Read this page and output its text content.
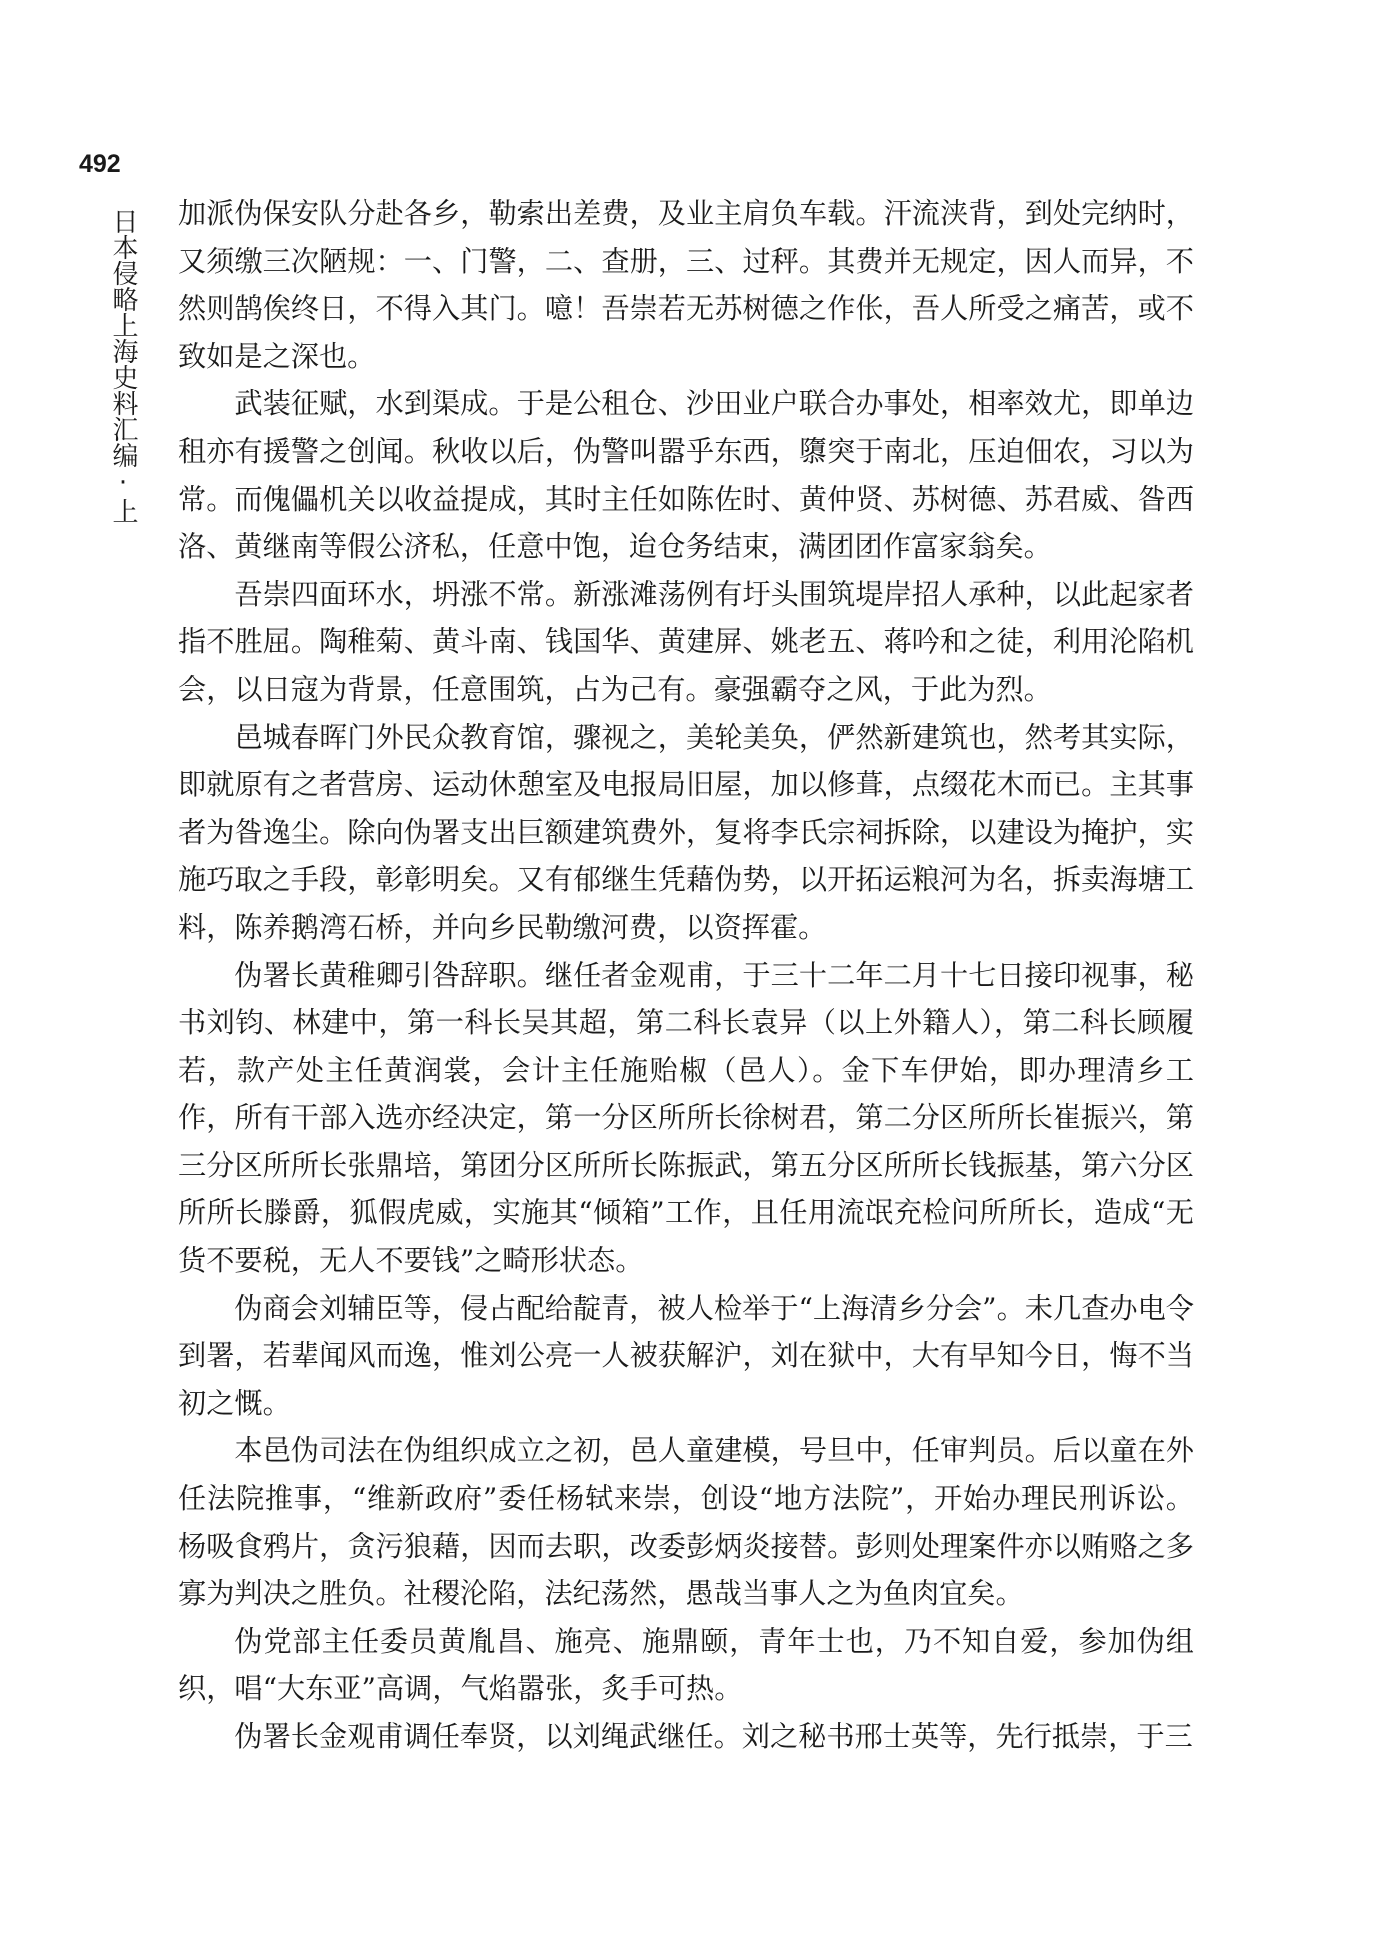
492
日本侵略上海史料汇编·上 加派伪保安队分赴各乡，勒索出差费，及业主肩负车载。汗流浃背，到处完纳时，又须缴三次陋规：一、门警，二、查册，三、过秤。其费并无规定，因人而异，不然则鹄俟终日，不得入其门。噫！吾崇若无苏树德之作伥，吾人所受之痛苦，或不致如是之深也。

武装征赋，水到渠成。于是公租仓、沙田业户联合办事处，相率效尤，即单边租亦有援警之创闻。秋收以后，伪警叫嚣乎东西，隳突于南北，压迫佃农，习以为常。而傀儡机关以收益提成，其时主任如陈佐时、黄仲贤、苏树德、苏君威、昝西洛、黄继南等假公济私，任意中饱，迨仓务结束，满团团作富家翁矣。

吾崇四面环水，坍涨不常。新涨滩荡例有圩头围筑堤岸招人承种，以此起家者指不胜屈。陶稚菊、黄斗南、钱国华、黄建屏、姚老五、蒋吟和之徒，利用沦陷机会，以日寇为背景，任意围筑，占为己有。豪强霸夺之风，于此为烈。

邑城春晖门外民众教育馆，骤视之，美轮美奂，俨然新建筑也，然考其实际，即就原有之者营房、运动休憩室及电报局旧屋，加以修葺，点缀花木而已。主其事者为昝逸尘。除向伪署支出巨额建筑费外，复将李氏宗祠拆除，以建设为掩护，实施巧取之手段，彰彰明矣。又有郁继生凭藉伪势，以开拓运粮河为名，拆卖海塘工料，陈养鹅湾石桥，并向乡民勒缴河费，以资挥霍。

伪署长黄稚卿引咎辞职。继任者金观甫，于三十二年二月十七日接印视事，秘书刘钧、林建中，第一科长吴其超，第二科长袁异（以上外籍人），第二科长顾履若，款产处主任黄润裳，会计主任施贻椒（邑人）。金下车伊始，即办理清乡工作，所有干部入选亦经决定，第一分区所所长徐树君，第二分区所所长崔振兴，第三分区所所长张鼎培，第团分区所所长陈振武，第五分区所所长钱振基，第六分区所所长滕爵，狐假虎威，实施其“倾箱”工作，且任用流氓充检问所所长，造成“无货不要税，无人不要钱”之畸形状态。

伪商会刘辅臣等，侵占配给靛青，被人检举于“上海清乡分会”。未几查办电令到署，若辈闻风而逸，惟刘公亮一人被获解沪，刘在狱中，大有早知今日，悔不当初之慨。

本邑伪司法在伪组织成立之初，邑人童建模，号旦中，任审判员。后以童在外任法院推事，“维新政府”委任杨轼来崇，创设“地方法院”，开始办理民刑诉讼。杨吸食鸦片，贪污狼藉，因而去职，改委彭炳炎接替。彭则处理案件亦以贿赂之多寡为判决之胜负。社稷沦陷，法纪荡然，愚哉当事人之为鱼肉宜矣。

伪党部主任委员黄胤昌、施亮、施鼎颐，青年士也，乃不知自爱，参加伪组织，唱“大东亚”高调，气焰嚣张，炙手可热。

伪署长金观甫调任奉贤，以刘绳武继任。刘之秘书邢士英等，先行抵崇，于三
